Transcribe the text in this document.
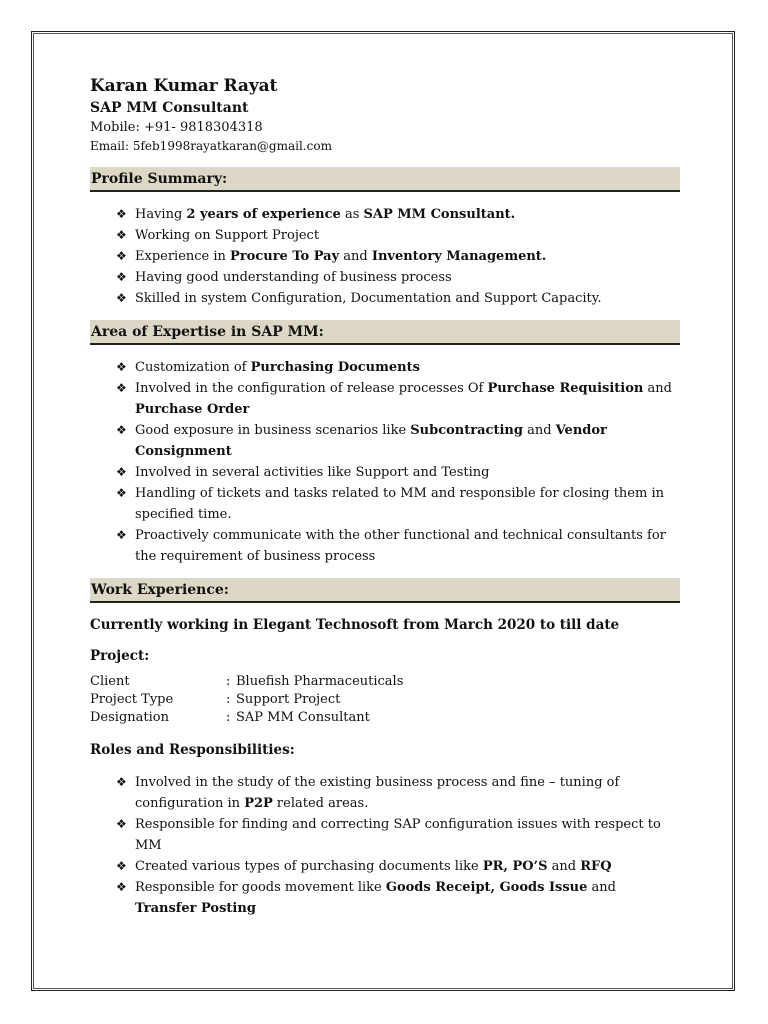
Karan Kumar Rayat
SAP MM Consultant
Mobile: +91- 9818304318
Email: 5feb1998rayatkaran@gmail.com
Profile Summary:
❖ Having 2 years of experience as SAP MM Consultant.
❖ Working on Support Project
❖ Experience in Procure To Pay and Inventory Management.
❖ Having good understanding of business process
❖ Skilled in system Configuration, Documentation and Support Capacity.
Area of Expertise in SAP MM:
❖ Customization of Purchasing Documents
❖ Involved in the configuration of release processes Of Purchase Requisition and Purchase Order
❖ Good exposure in business scenarios like Subcontracting and Vendor Consignment
❖ Involved in several activities like Support and Testing
❖ Handling of tickets and tasks related to MM and responsible for closing them in specified time.
❖ Proactively communicate with the other functional and technical consultants for the requirement of business process
Work Experience:
Currently working in Elegant Technosoft from March 2020 to till date
Project:
Client	: Bluefish Pharmaceuticals
Project Type	: Support Project
Designation	: SAP MM Consultant
Roles and Responsibilities:
❖ Involved in the study of the existing business process and fine – tuning of configuration in P2P related areas.
❖ Responsible for finding and correcting SAP configuration issues with respect to MM
❖ Created various types of purchasing documents like PR, PO’S and RFQ
❖ Responsible for goods movement like Goods Receipt, Goods Issue and Transfer Posting
